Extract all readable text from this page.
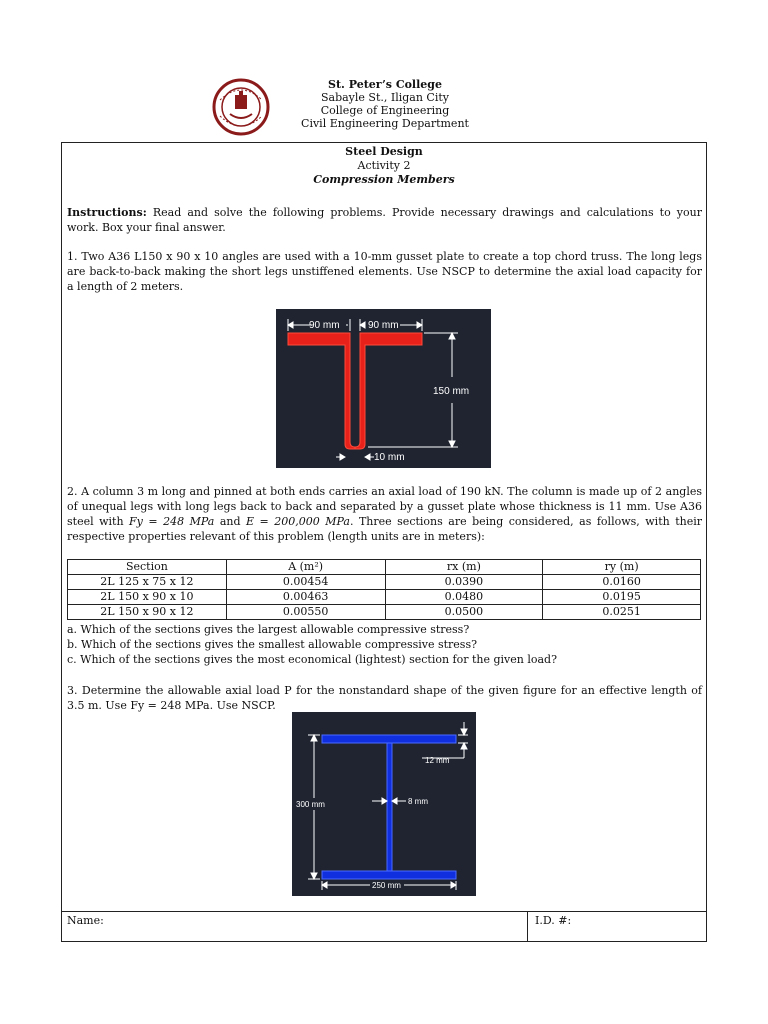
St. Peter’s College
Sabayle St., Iligan City
College of Engineering
Civil Engineering Department
Steel Design
Activity 2
Compression Members
Instructions: Read and solve the following problems. Provide necessary drawings and calculations to your work. Box your final answer.
1. Two A36 L150 x 90 x 10 angles are used with a 10-mm gusset plate to create a top chord truss. The long legs are back-to-back making the short legs unstiffened elements. Use NSCP to determine the axial load capacity for a length of 2 meters.
90 mm	90 mm
150 mm
10 mm
2. A column 3 m long and pinned at both ends carries an axial load of 190 kN. The column is made up of 2 angles of unequal legs with long legs back to back and separated by a gusset plate whose thickness is 11 mm. Use A36 steel with Fy = 248 MPa and E = 200,000 MPa. Three sections are being considered, as follows, with their respective properties relevant of this problem (length units are in meters):
Section	A (m²)	rx (m)	ry (m)
2L 125 x 75 x 12	0.00454	0.0390	0.0160
2L 150 x 90 x 10	0.00463	0.0480	0.0195
2L 150 x 90 x 12	0.00550	0.0500	0.0251
a. Which of the sections gives the largest allowable compressive stress?
b. Which of the sections gives the smallest allowable compressive stress?
c. Which of the sections gives the most economical (lightest) section for the given load?
3. Determine the allowable axial load P for the nonstandard shape of the given figure for an effective length of 3.5 m. Use Fy = 248 MPa. Use NSCP.
12 mm
8 mm
300 mm
250 mm
Name:	I.D. #:
